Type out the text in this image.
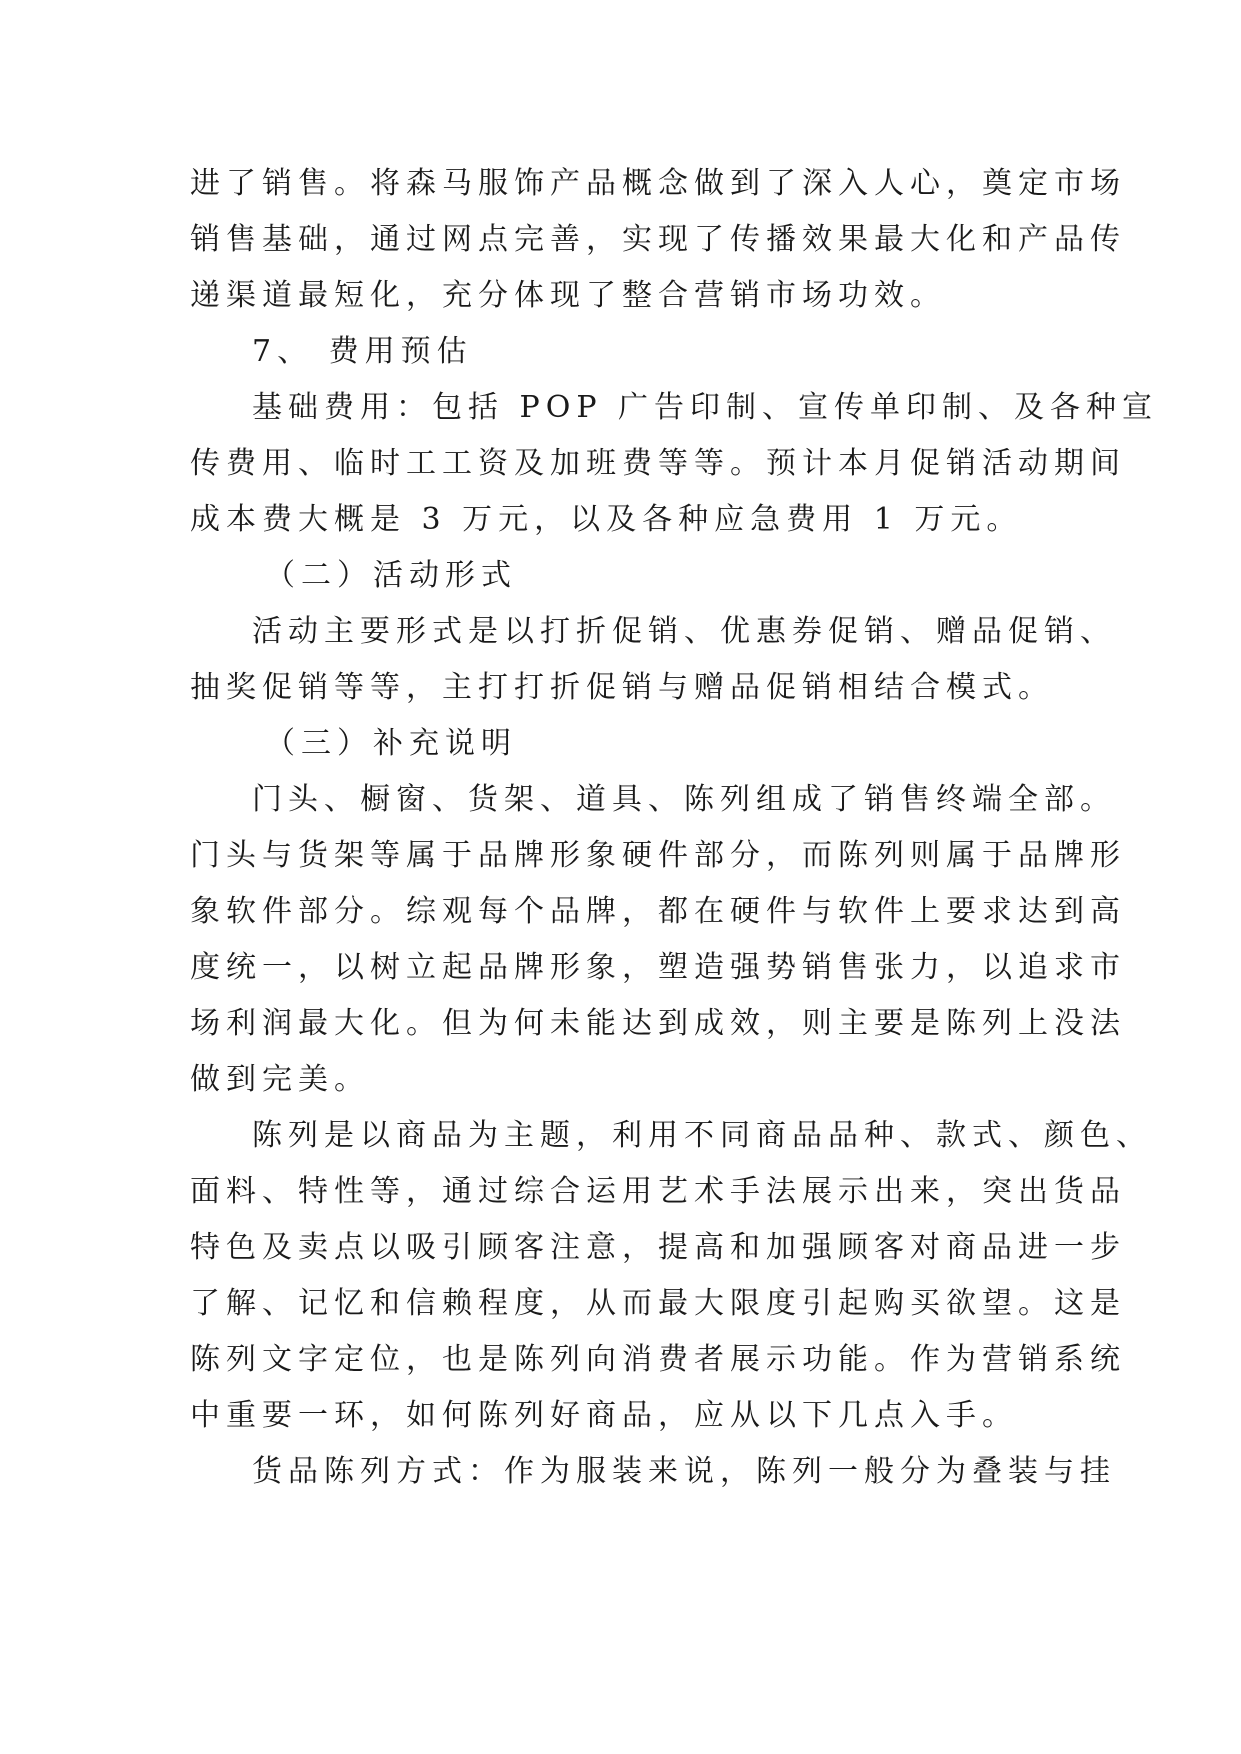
进了销售。将森马服饰产品概念做到了深入人心，奠定市场
销售基础，通过网点完善，实现了传播效果最大化和产品传
递渠道最短化，充分体现了整合营销市场功效。
7、 费用预估
基础费用：包括 POP 广告印制、宣传单印制、及各种宣
传费用、临时工工资及加班费等等。预计本月促销活动期间
成本费大概是 3 万元，以及各种应急费用 1 万元。
（二）活动形式
活动主要形式是以打折促销、优惠券促销、赠品促销、
抽奖促销等等，主打打折促销与赠品促销相结合模式。
（三）补充说明
门头、橱窗、货架、道具、陈列组成了销售终端全部。
门头与货架等属于品牌形象硬件部分，而陈列则属于品牌形
象软件部分。综观每个品牌，都在硬件与软件上要求达到高
度统一，以树立起品牌形象，塑造强势销售张力，以追求市
场利润最大化。但为何未能达到成效，则主要是陈列上没法
做到完美。
陈列是以商品为主题，利用不同商品品种、款式、颜色、
面料、特性等，通过综合运用艺术手法展示出来，突出货品
特色及卖点以吸引顾客注意，提高和加强顾客对商品进一步
了解、记忆和信赖程度，从而最大限度引起购买欲望。这是
陈列文字定位，也是陈列向消费者展示功能。作为营销系统
中重要一环，如何陈列好商品，应从以下几点入手。
货品陈列方式：作为服装来说，陈列一般分为叠装与挂
